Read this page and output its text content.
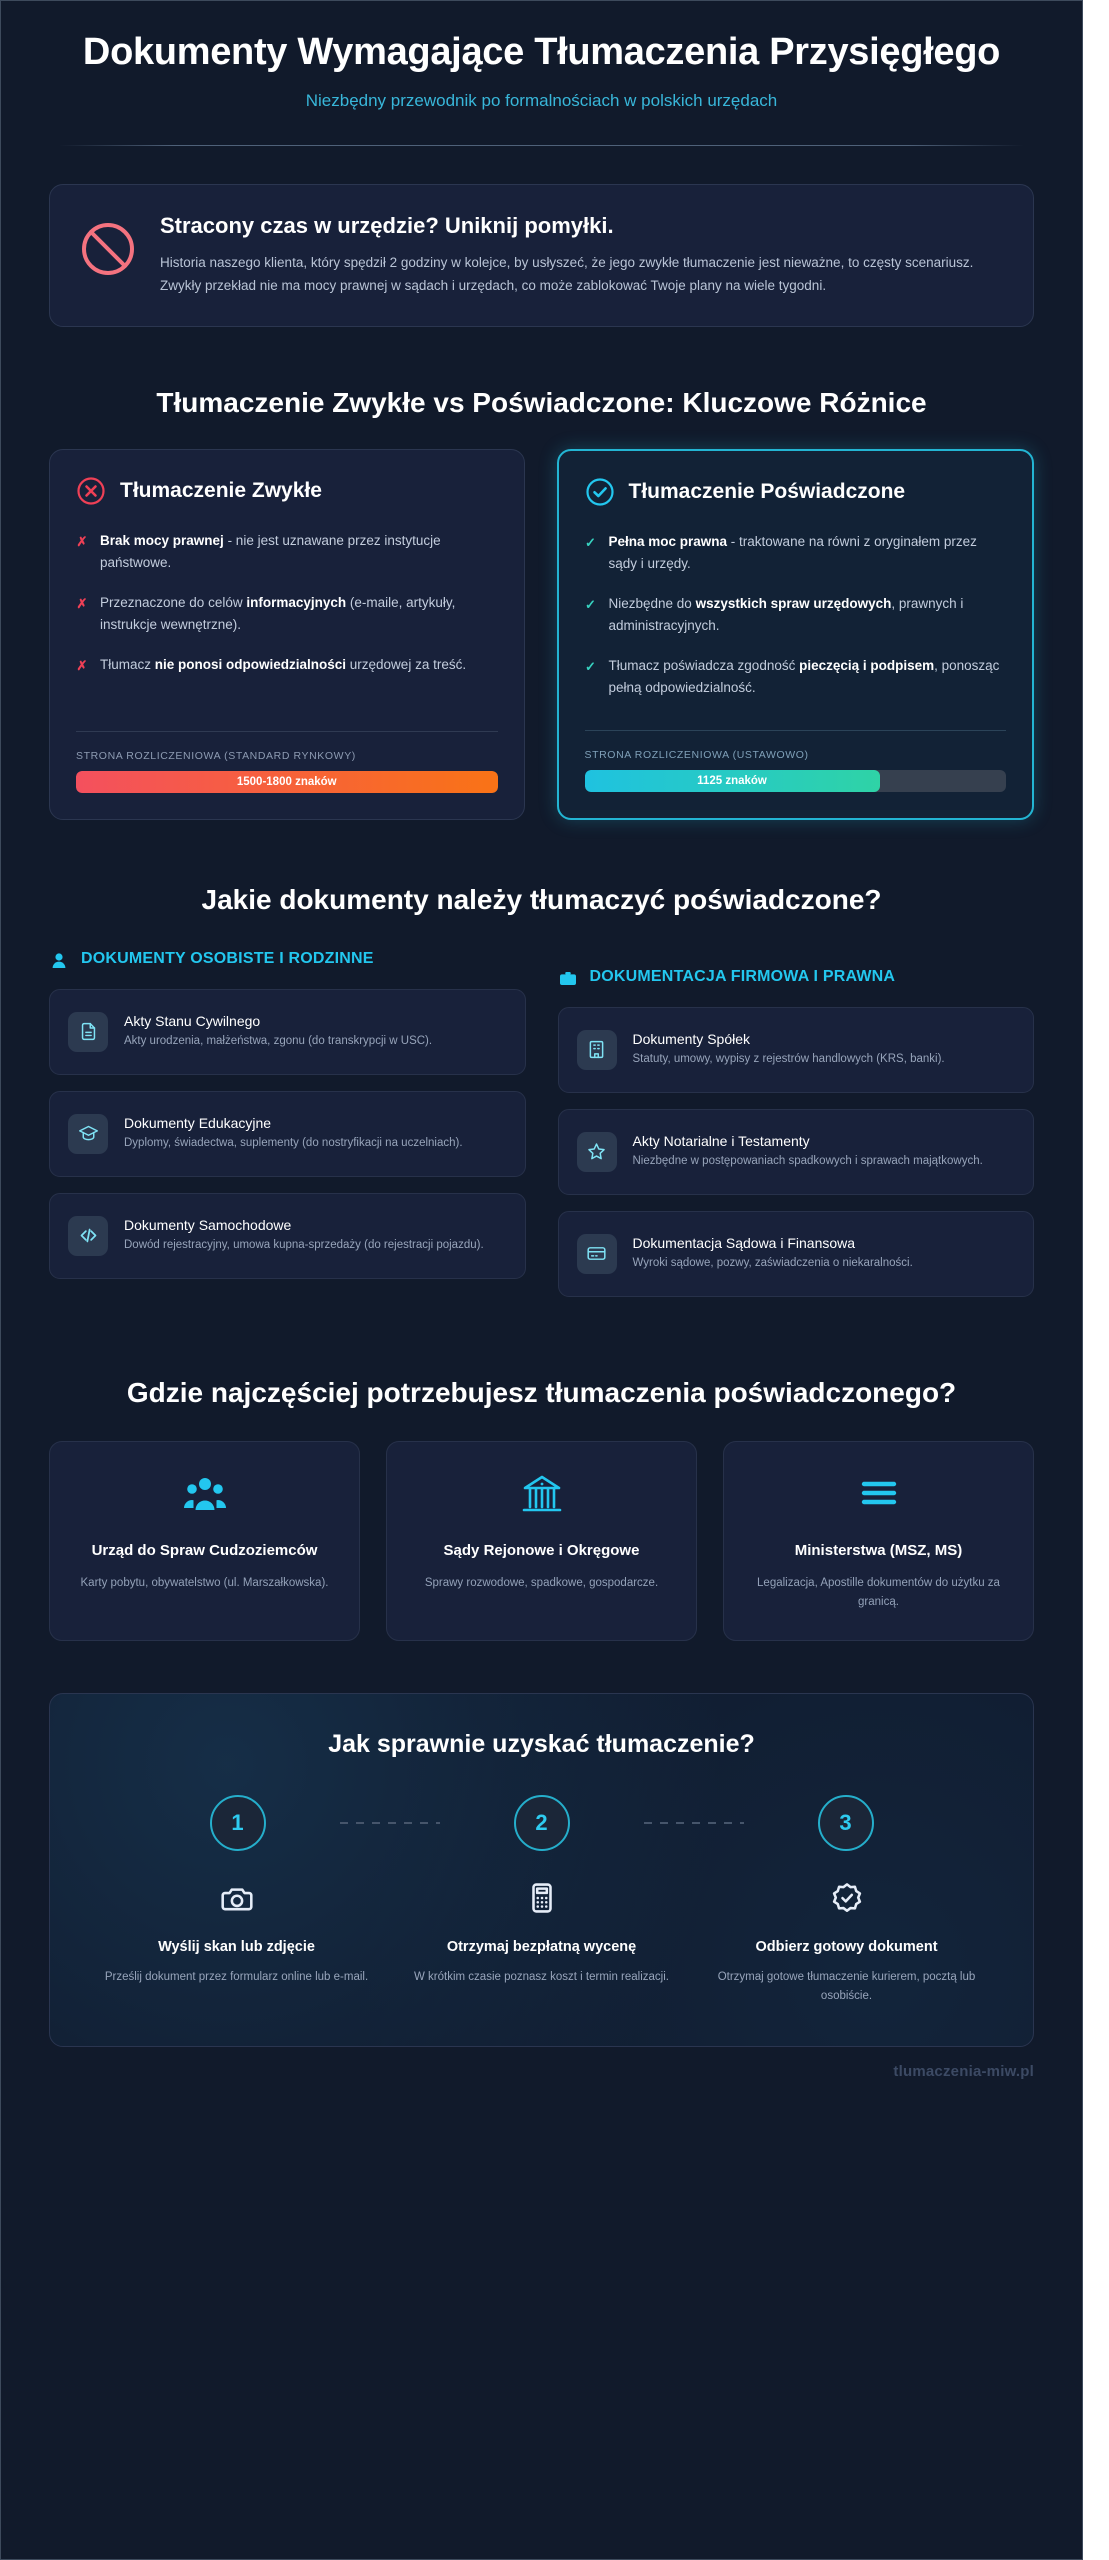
Dokumenty Wymagające Tłumaczenia Przysięgłego
Niezbędny przewodnik po formalnościach w polskich urzędach
Stracony czas w urzędzie? Uniknij pomyłki.
Historia naszego klienta, który spędził 2 godziny w kolejce, by usłyszeć, że jego zwykłe tłumaczenie jest nieważne, to częsty scenariusz. Zwykły przekład nie ma mocy prawnej w sądach i urzędach, co może zablokować Twoje plany na wiele tygodni.
Tłumaczenie Zwykłe vs Poświadczone: Kluczowe Różnice
Tłumaczenie Zwykłe
✗ Brak mocy prawnej - nie jest uznawane przez instytucje państwowe.
✗ Przeznaczone do celów informacyjnych (e-maile, artykuły, instrukcje wewnętrzne).
✗ Tłumacz nie ponosi odpowiedzialności urzędowej za treść.
STRONA ROZLICZENIOWA (STANDARD RYNKOWY)
1500-1800 znaków
Tłumaczenie Poświadczone
✓ Pełna moc prawna - traktowane na równi z oryginałem przez sądy i urzędy.
✓ Niezbędne do wszystkich spraw urzędowych, prawnych i administracyjnych.
✓ Tłumacz poświadcza zgodność pieczęcią i podpisem, ponosząc pełną odpowiedzialność.
STRONA ROZLICZENIOWA (USTAWOWO)
1125 znaków
Jakie dokumenty należy tłumaczyć poświadczone?
DOKUMENTY OSOBISTE I RODZINNE
Akty Stanu Cywilnego
Akty urodzenia, małżeństwa, zgonu (do transkrypcji w USC).
Dokumenty Edukacyjne
Dyplomy, świadectwa, suplementy (do nostryfikacji na uczelniach).
Dokumenty Samochodowe
Dowód rejestracyjny, umowa kupna-sprzedaży (do rejestracji pojazdu).
DOKUMENTACJA FIRMOWA I PRAWNA
Dokumenty Spółek
Statuty, umowy, wypisy z rejestrów handlowych (KRS, banki).
Akty Notarialne i Testamenty
Niezbędne w postępowaniach spadkowych i sprawach majątkowych.
Dokumentacja Sądowa i Finansowa
Wyroki sądowe, pozwy, zaświadczenia o niekaralności.
Gdzie najczęściej potrzebujesz tłumaczenia poświadczonego?
Urząd do Spraw Cudzoziemców
Karty pobytu, obywatelstwo (ul. Marszałkowska).
Sądy Rejonowe i Okręgowe
Sprawy rozwodowe, spadkowe, gospodarcze.
Ministerstwa (MSZ, MS)
Legalizacja, Apostille dokumentów do użytku za granicą.
Jak sprawnie uzyskać tłumaczenie?
1	2	3
Wyślij skan lub zdjęcie
Prześlij dokument przez formularz online lub e-mail.
Otrzymaj bezpłatną wycenę
W krótkim czasie poznasz koszt i termin realizacji.
Odbierz gotowy dokument
Otrzymaj gotowe tłumaczenie kurierem, pocztą lub osobiście.
tlumaczenia-miw.pl
